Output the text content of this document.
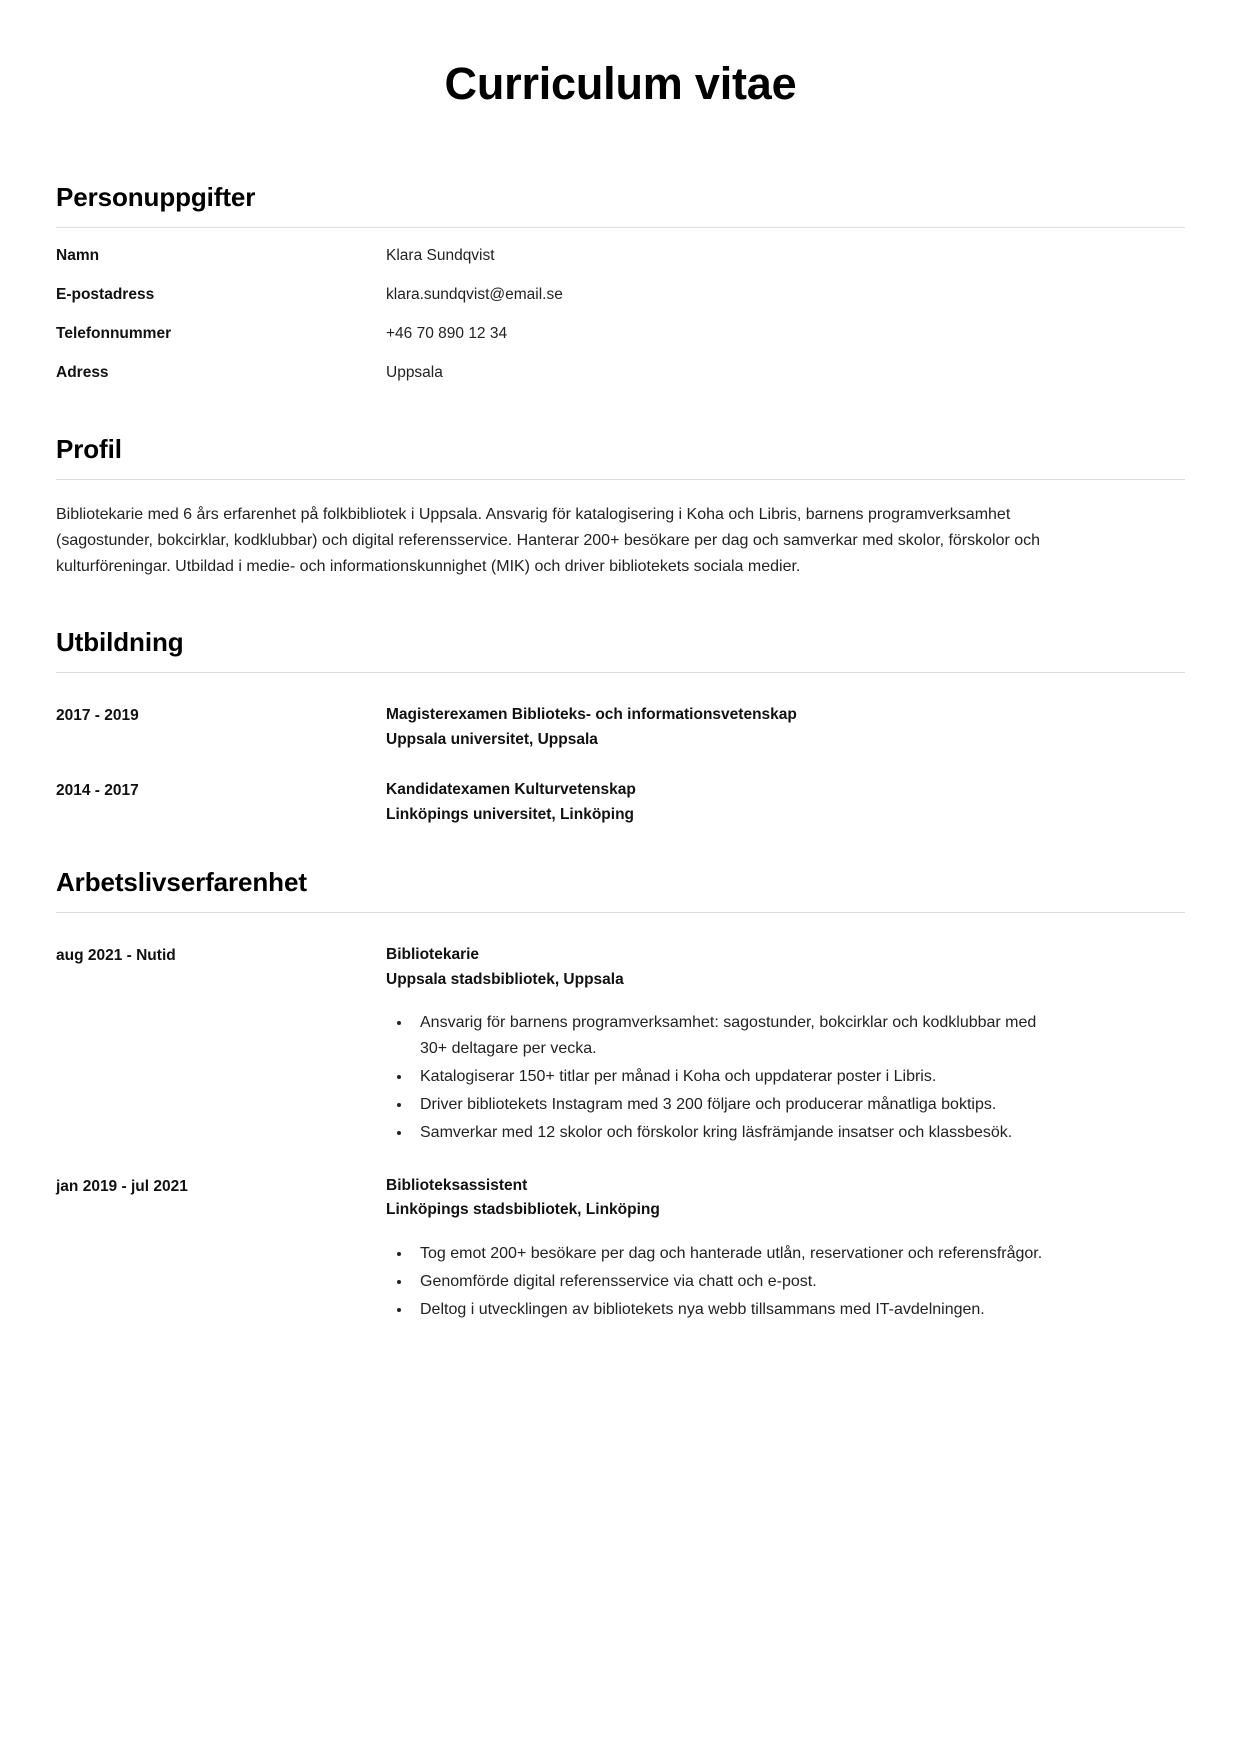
Curriculum vitae
Personuppgifter
Namn	Klara Sundqvist
E-postadress	klara.sundqvist@email.se
Telefonnummer	+46 70 890 12 34
Adress	Uppsala
Profil

Bibliotekarie med 6 års erfarenhet på folkbibliotek i Uppsala. Ansvarig för katalogisering i Koha och Libris, barnens programverksamhet (sagostunder, bokcirklar, kodklubbar) och digital referensservice. Hanterar 200+ besökare per dag och samverkar med skolor, förskolor och kulturföreningar. Utbildad i medie- och informationskunnighet (MIK) och driver bibliotekets sociala medier.

Utbildning
2017 - 2019	Magisterexamen Biblioteks- och informationsvetenskap
Uppsala universitet, Uppsala
2014 - 2017	Kandidatexamen Kulturvetenskap
Linköpings universitet, Linköping
Arbetslivserfarenhet
aug 2021 - Nutid	Bibliotekarie
Uppsala stadsbibliotek, Uppsala
• Ansvarig för barnens programverksamhet: sagostunder, bokcirklar och kodklubbar med 30+ deltagare per vecka.
• Katalogiserar 150+ titlar per månad i Koha och uppdaterar poster i Libris.
• Driver bibliotekets Instagram med 3 200 följare och producerar månatliga boktips.
• Samverkar med 12 skolor och förskolor kring läsfrämjande insatser och klassbesök.
jan 2019 - jul 2021	Biblioteksassistent
Linköpings stadsbibliotek, Linköping
• Tog emot 200+ besökare per dag och hanterade utlån, reservationer och referensfrågor.
• Genomförde digital referensservice via chatt och e-post.
• Deltog i utvecklingen av bibliotekets nya webb tillsammans med IT-avdelningen.
